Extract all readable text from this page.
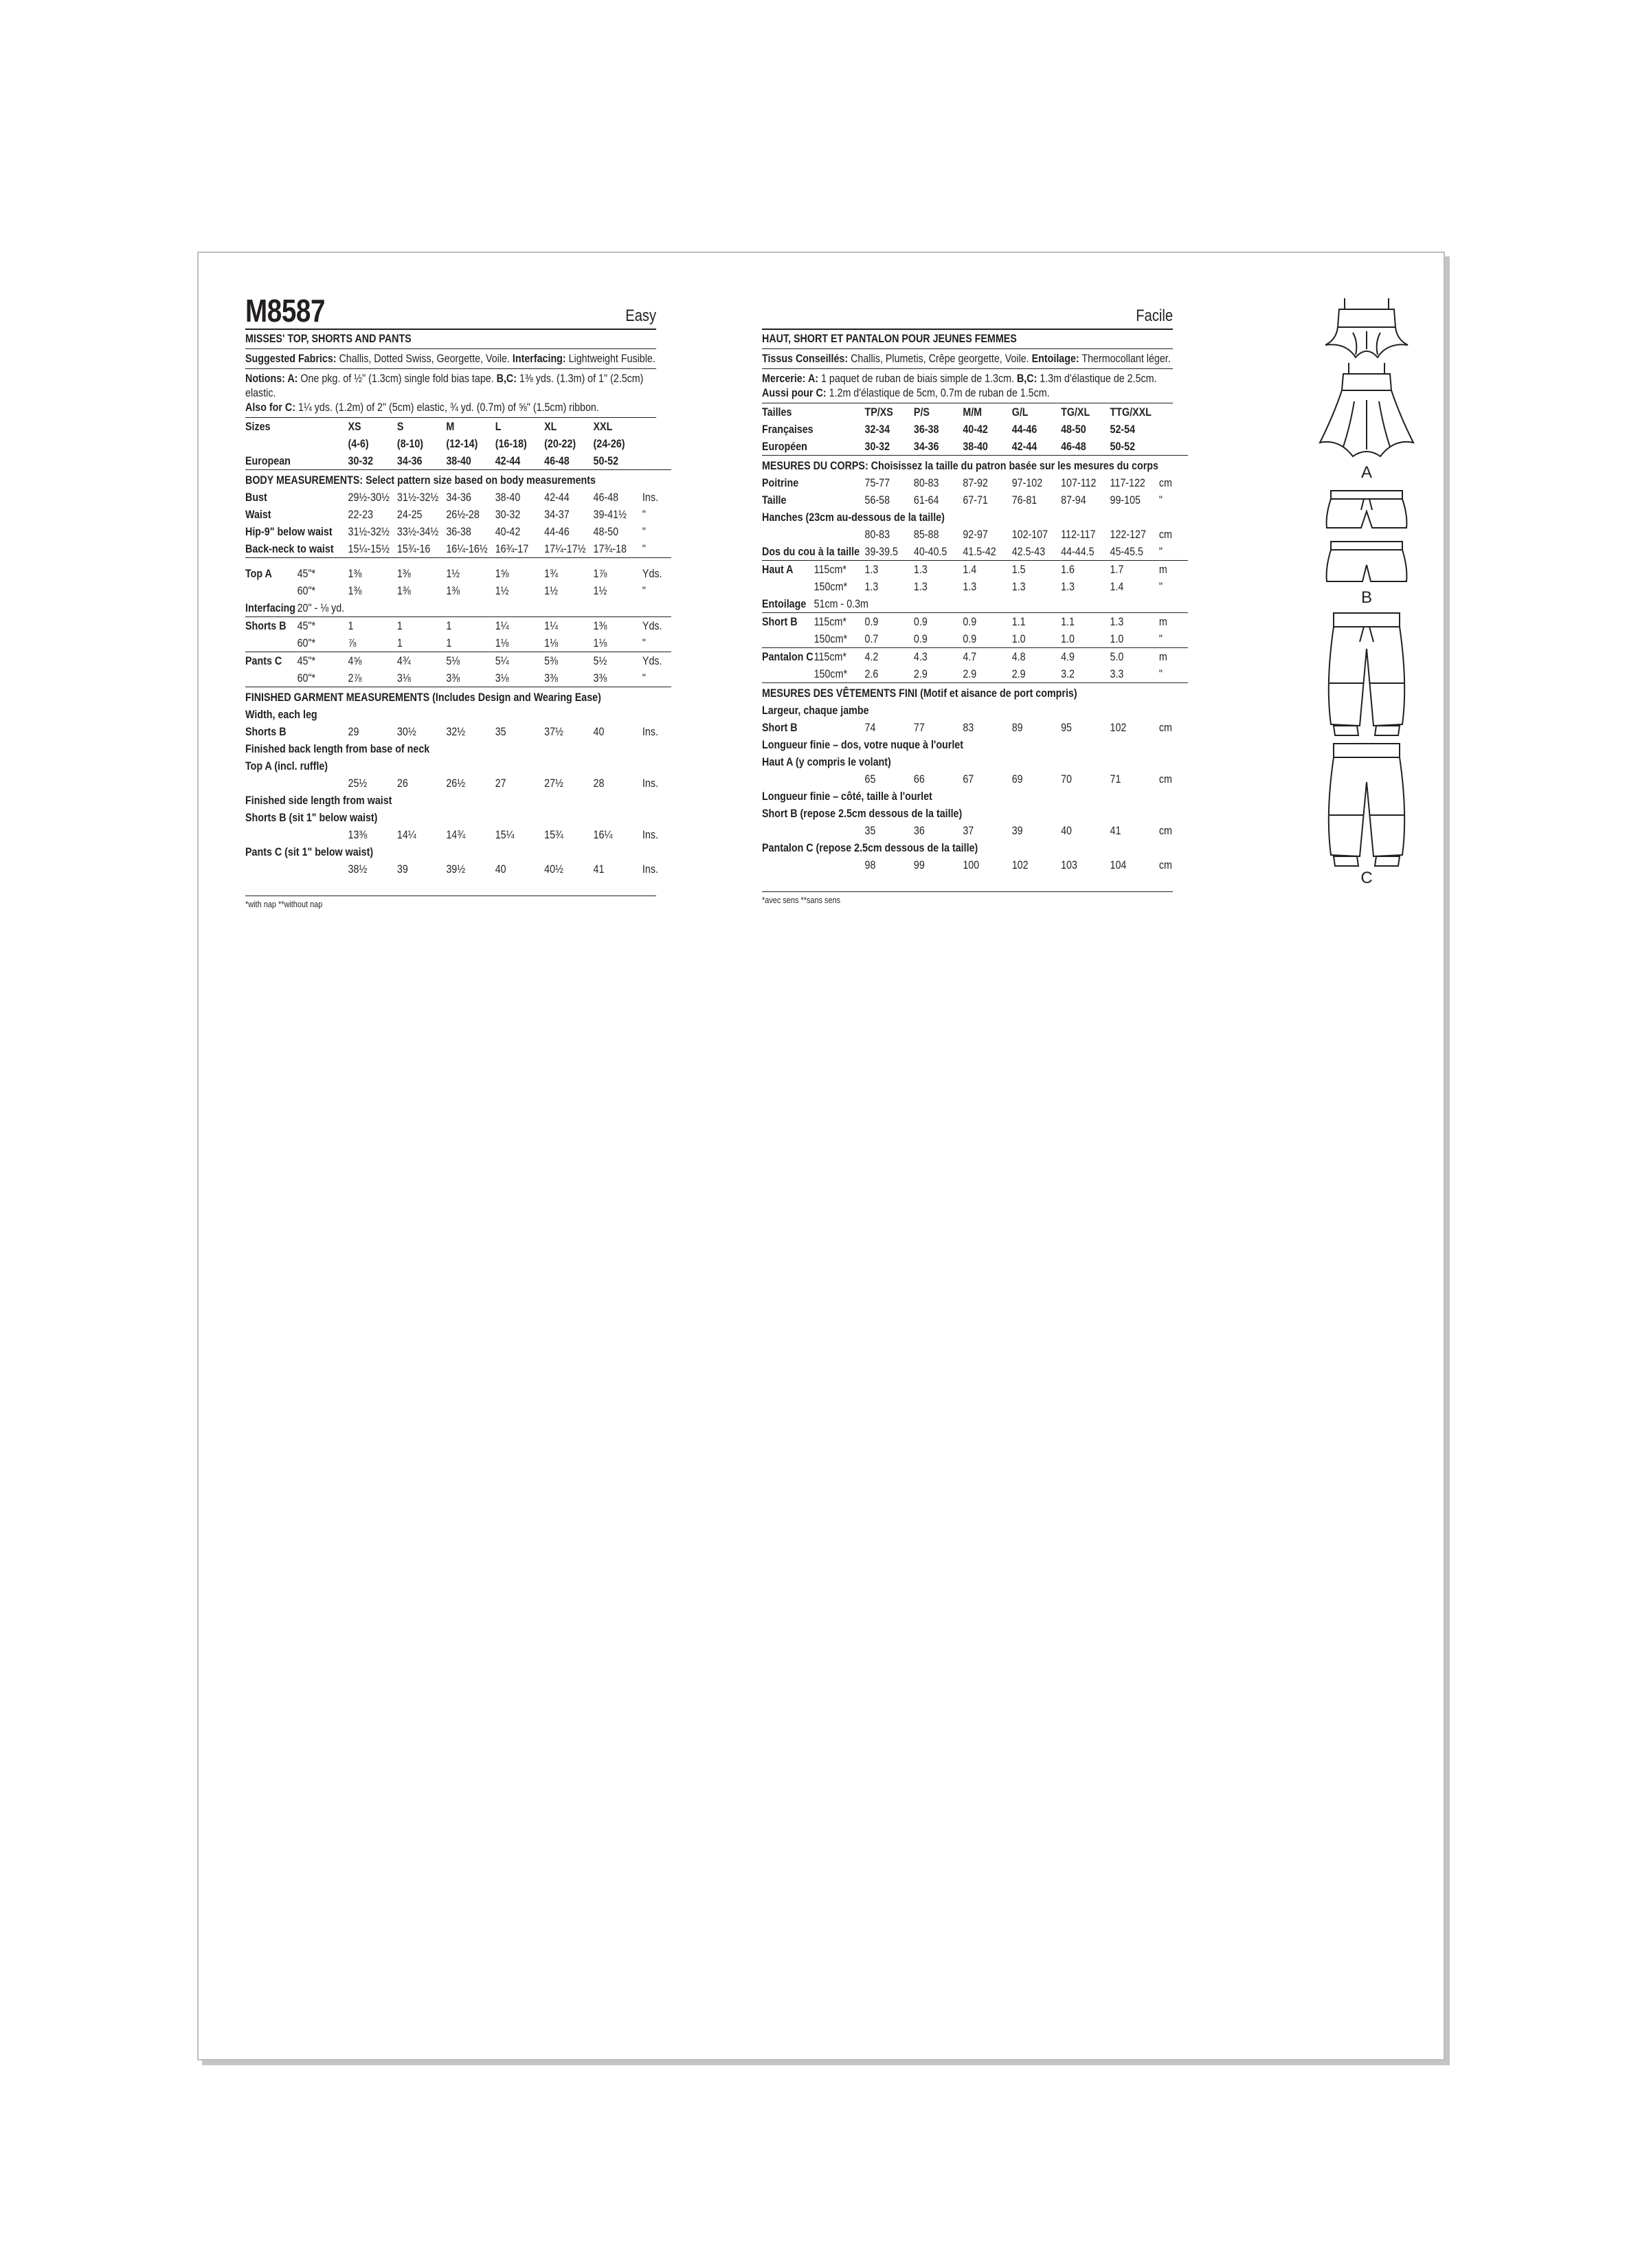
M8587	Easy
MISSES' TOP, SHORTS AND PANTS
Suggested Fabrics: Challis, Dotted Swiss, Georgette, Voile. Interfacing: Lightweight Fusible.
Notions: A: One pkg. of ½" (1.3cm) single fold bias tape. B,C: 1⅜ yds. (1.3m) of 1" (2.5cm) elastic.
Also for C: 1¼ yds. (1.2m) of 2" (5cm) elastic, ¾ yd. (0.7m) of ⅝" (1.5cm) ribbon.
Sizes		XS	S	M	L	XL	XXL	
		(4-6)	(8-10)	(12-14)	(16-18)	(20-22)	(24-26)	
European		30-32	34-36	38-40	42-44	46-48	50-52	
BODY MEASUREMENTS: Select pattern size based on body measurements								
Bust		29½-30½	31½-32½	34-36	38-40	42-44	46-48	Ins.
Waist		22-23	24-25	26½-28	30-32	34-37	39-41½	"
Hip-9" below waist		31½-32½	33½-34½	36-38	40-42	44-46	48-50	"
Back-neck to waist		15¼-15½	15¾-16	16¼-16½	16¾-17	17¼-17½	17¾-18	"

Top A	45"*	1⅜	1⅜	1½	1⅝	1¾	1⅞	Yds.
	60"*	1⅜	1⅜	1⅜	1½	1½	1½	"
Interfacing	20" - ⅛ yd.							
Shorts B	45"*	1	1	1	1¼	1¼	1⅜	Yds.
	60"*	⅞	1	1	1⅛	1⅛	1⅛	"
Pants C	45"*	4⅝	4¾	5⅛	5¼	5⅜	5½	Yds.
	60"*	2⅞	3⅛	3⅜	3⅛	3⅜	3⅜	"
FINISHED GARMENT MEASUREMENTS (Includes Design and Wearing Ease)								
Width, each leg								
Shorts B		29	30½	32½	35	37½	40	Ins.
Finished back length from base of neck								
Top A (incl. ruffle)								
		25½	26	26½	27	27½	28	Ins.
Finished side length from waist								
Shorts B (sit 1" below waist)								
		13⅜	14¼	14¾	15¼	15¾	16¼	Ins.
Pants C (sit 1" below waist)								
		38½	39	39½	40	40½	41	Ins.
*with nap **without nap
Facile
HAUT, SHORT ET PANTALON POUR JEUNES FEMMES
Tissus Conseillés: Challis, Plumetis, Crêpe georgette, Voile. Entoilage: Thermocollant léger.
Mercerie: A: 1 paquet de ruban de biais simple de 1.3cm. B,C: 1.3m d'élastique de 2.5cm. Aussi pour C: 1.2m d'élastique de 5cm, 0.7m de ruban de 1.5cm.
Tailles		TP/XS	P/S	M/M	G/L	TG/XL	TTG/XXL	
Françaises		32-34	36-38	40-42	44-46	48-50	52-54	
Européen		30-32	34-36	38-40	42-44	46-48	50-52	
MESURES DU CORPS: Choisissez la taille du patron basée sur les mesures du corps								
Poitrine		75-77	80-83	87-92	97-102	107-112	117-122	cm
Taille		56-58	61-64	67-71	76-81	87-94	99-105	"
Hanches (23cm au-dessous de la taille)								
		80-83	85-88	92-97	102-107	112-117	122-127	cm
Dos du cou à la taille		39-39.5	40-40.5	41.5-42	42.5-43	44-44.5	45-45.5	"
Haut A	115cm*	1.3	1.3	1.4	1.5	1.6	1.7	m
	150cm*	1.3	1.3	1.3	1.3	1.3	1.4	"
Entoilage	51cm - 0.3m							
Short B	115cm*	0.9	0.9	0.9	1.1	1.1	1.3	m
	150cm*	0.7	0.9	0.9	1.0	1.0	1.0	"
Pantalon C	115cm*	4.2	4.3	4.7	4.8	4.9	5.0	m
	150cm*	2.6	2.9	2.9	2.9	3.2	3.3	"
MESURES DES VÊTEMENTS FINI (Motif et aisance de port compris)								
Largeur, chaque jambe								
Short B		74	77	83	89	95	102	cm
Longueur finie – dos, votre nuque à l'ourlet								
Haut A (y compris le volant)								
		65	66	67	69	70	71	cm
Longueur finie – côté, taille à l'ourlet								
Short B (repose 2.5cm dessous de la taille)								
		35	36	37	39	40	41	cm
Pantalon C (repose 2.5cm dessous de la taille)								
		98	99	100	102	103	104	cm
*avec sens **sans sens
A
B
C
